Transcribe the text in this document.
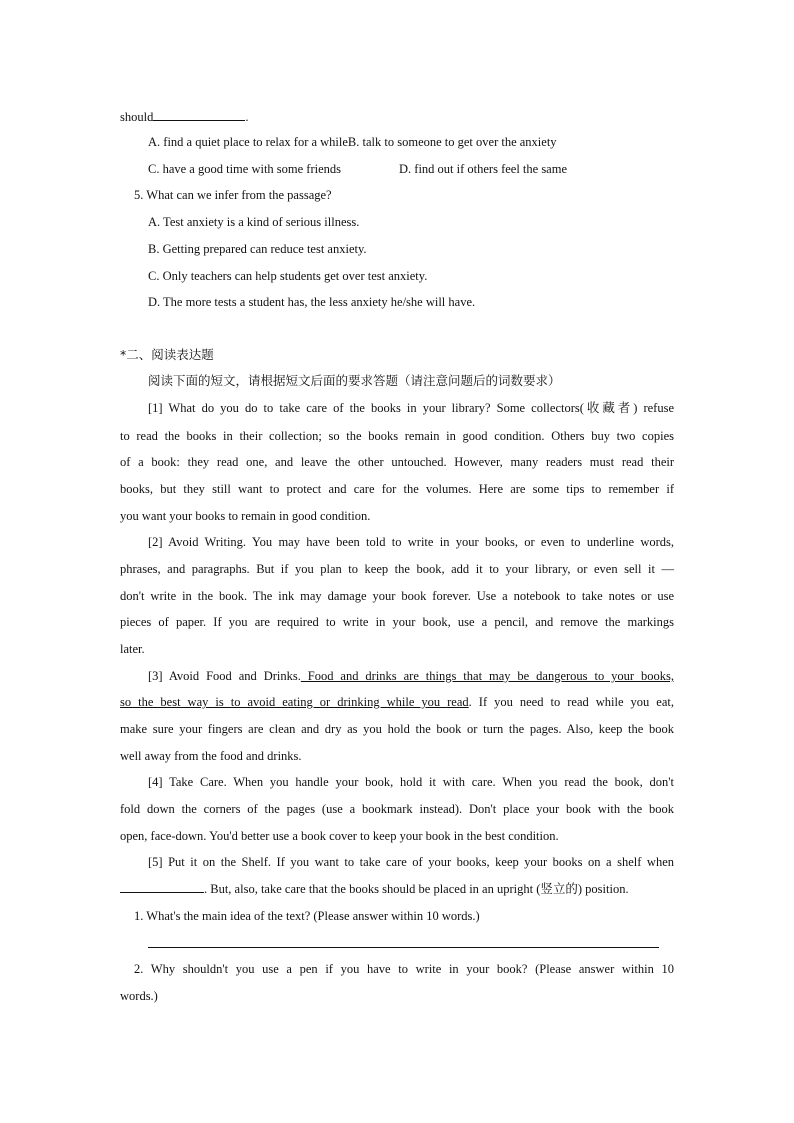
should	.
A. find a quiet place to relax for a whileB. talk to someone to get over the anxiety
C. have a good time with some friends	D. find out if others feel the same
5. What can we infer from the passage?
A. Test anxiety is a kind of serious illness.
B. Getting prepared can reduce test anxiety.
C. Only teachers can help students get over test anxiety.
D. The more tests a student has, the less anxiety he/she will have.
*二、阅读表达题
阅读下面的短文，请根据短文后面的要求答题（请注意问题后的词数要求）
[1] What do you do to take care of the books in your library? Some collectors(收藏者) refuse
to read the books in their collection; so the books remain in good condition. Others buy two copies
of a book: they read one, and leave the other untouched. However, many readers must read their
books, but they still want to protect and care for the volumes. Here are some tips to remember if
you want your books to remain in good condition.
[2] Avoid Writing. You may have been told to write in your books, or even to underline words,
phrases, and paragraphs. But if you plan to keep the book, add it to your library, or even sell it —
don't write in the book. The ink may damage your book forever. Use a notebook to take notes or use
pieces of paper. If you are required to write in your book, use a pencil, and remove the markings
later.
[3] Avoid Food and Drinks. Food and drinks are things that may be dangerous to your books,
so the best way is to avoid eating or drinking while you read. If you need to read while you eat,
make sure your fingers are clean and dry as you hold the book or turn the pages. Also, keep the book
well away from the food and drinks.
[4] Take Care. When you handle your book, hold it with care. When you read the book, don't
fold down the corners of the pages (use a bookmark instead). Don't place your book with the book
open, face-down. You'd better use a book cover to keep your book in the best condition.
[5] Put it on the Shelf. If you want to take care of your books, keep your books on a shelf when
. But, also, take care that the books should be placed in an upright (竖立的) position.
1. What's the main idea of the text? (Please answer within 10 words.)
2. Why shouldn't you use a pen if you have to write in your book? (Please answer within 10
words.)
